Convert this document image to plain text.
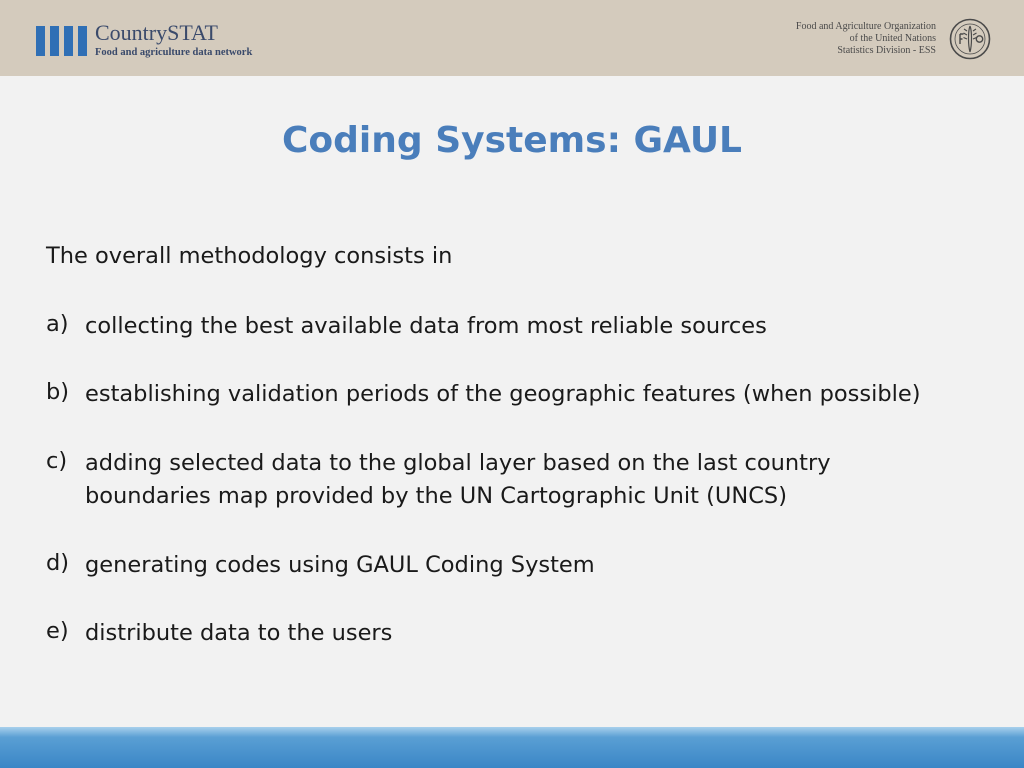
CountrySTAT
Food and agriculture data network
Food and Agriculture Organization
of the United Nations
Statistics Division - ESS
Coding Systems: GAUL
The overall methodology consists in
a) collecting the best available data from most reliable sources
b) establishing validation periods of the geographic features (when possible)
c) adding selected data to the global layer based on the last country boundaries map provided by the UN Cartographic Unit (UNCS)
d) generating codes using GAUL Coding System
e) distribute data to the users
